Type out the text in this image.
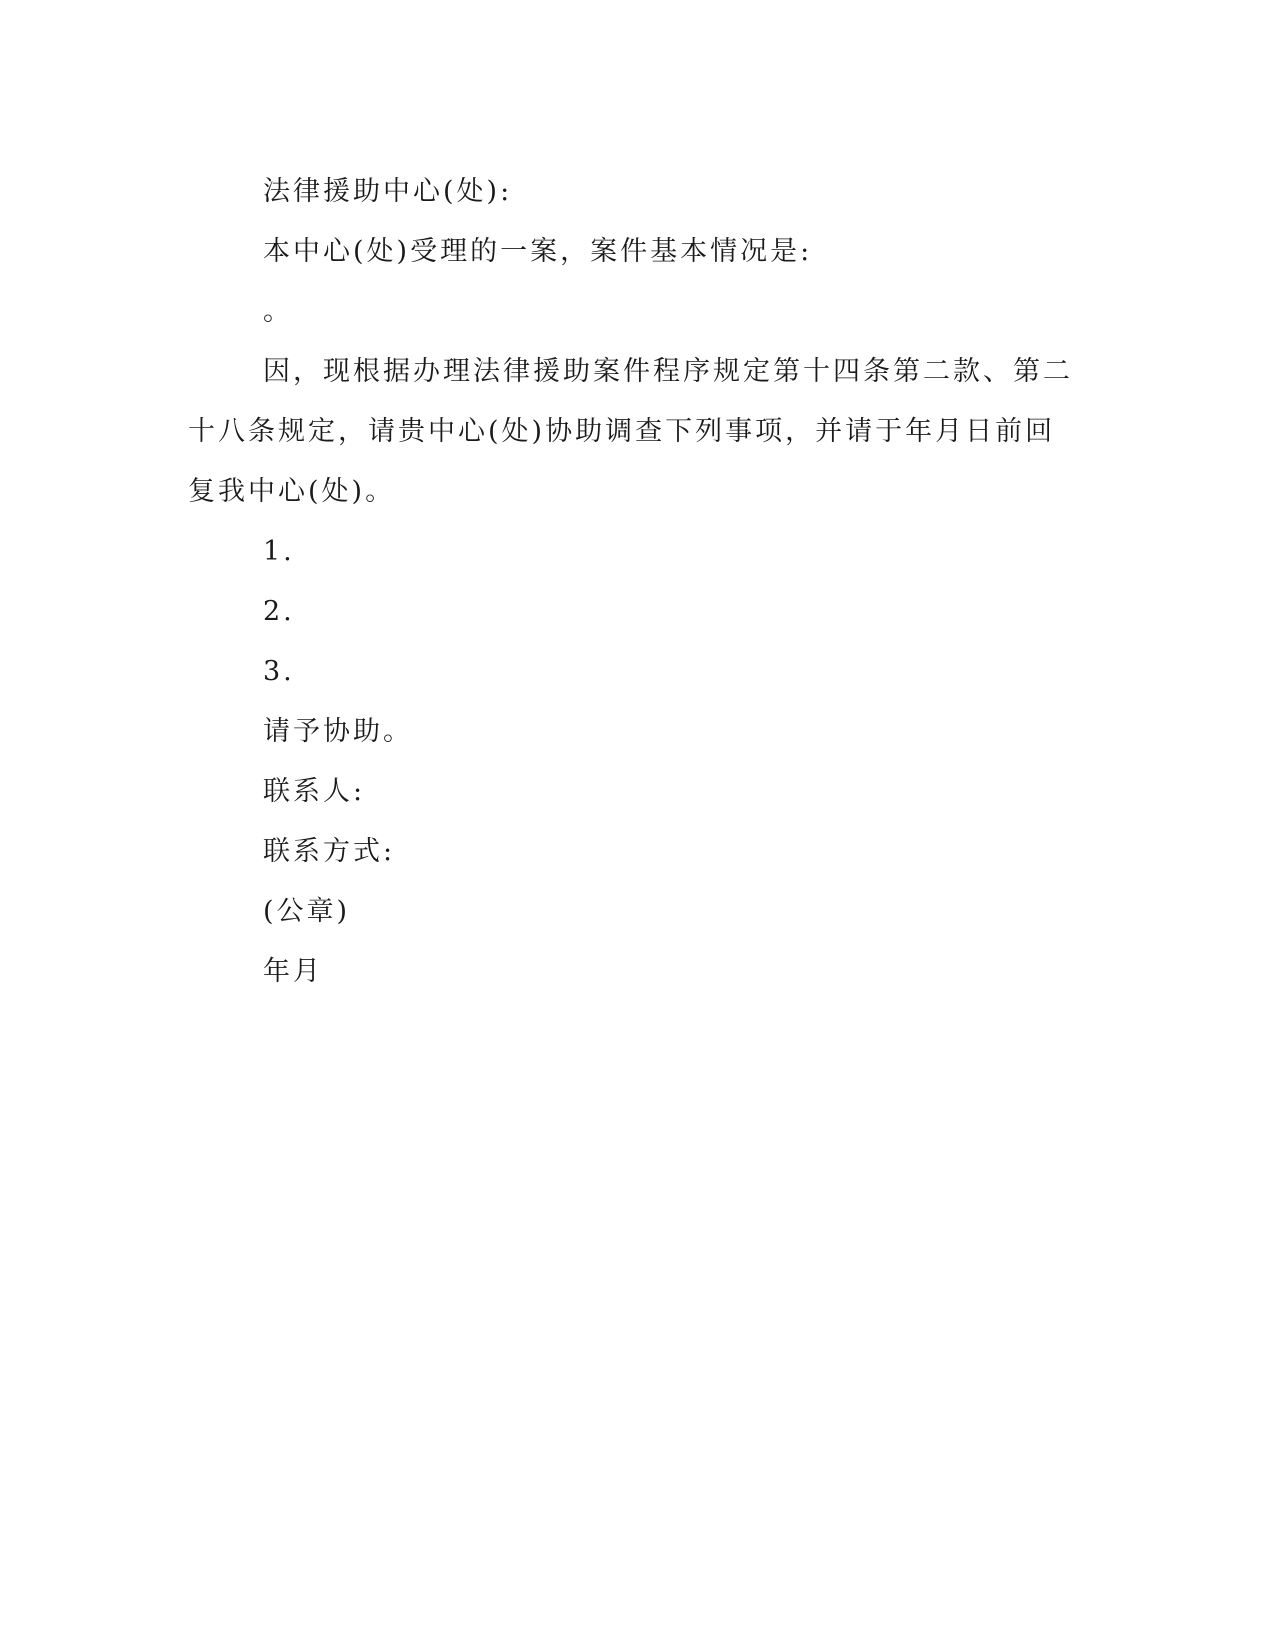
法律援助中心(处):

本中心(处)受理的一案，案件基本情况是:

。

因，现根据办理法律援助案件程序规定第十四条第二款、第二十八条规定，请贵中心(处)协助调查下列事项，并请于年月日前回复我中心(处)。

1.

2.

3.

请予协助。

联系人:

联系方式:

(公章)

年月
